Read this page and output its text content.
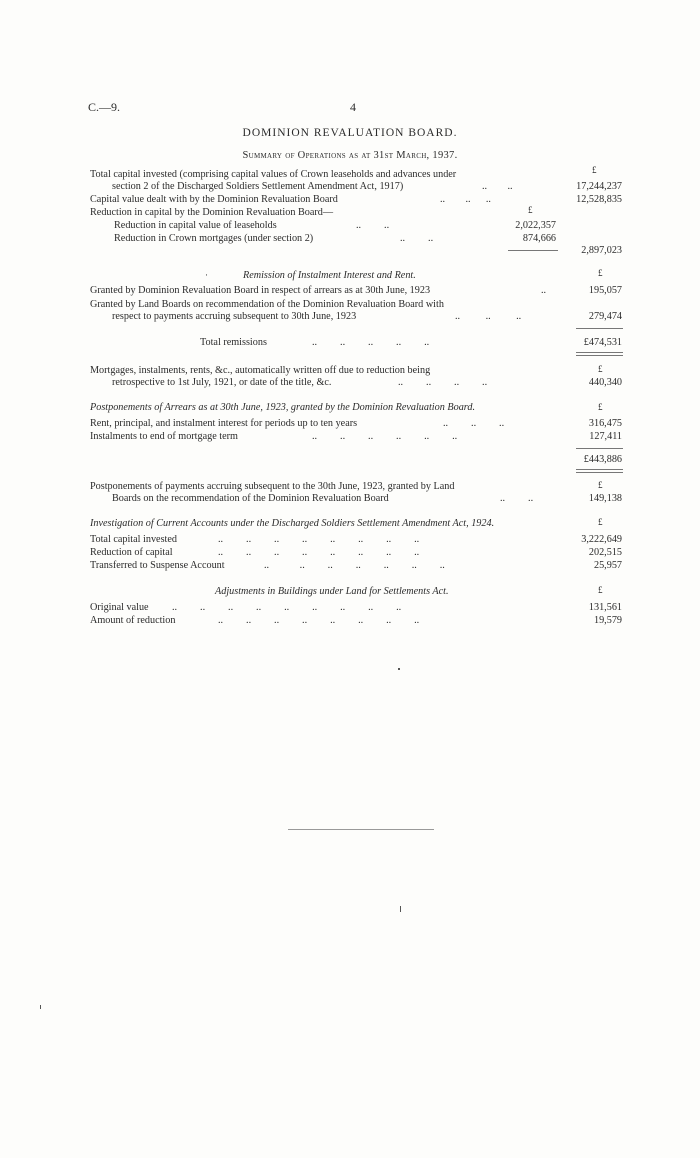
C.—9.	4
DOMINION REVALUATION BOARD.
Summary of Operations as at 31st March, 1937.
£
Total capital invested (comprising capital values of Crown leaseholds and advances under
section 2 of the Discharged Soldiers Settlement Amendment Act, 1917)	..        ..	17,244,237
Capital value dealt with by the Dominion Revaluation Board	..        ..      ..	12,528,835
Reduction in capital by the Dominion Revaluation Board—	£
Reduction in capital value of leaseholds	..         ..	2,022,357
Reduction in Crown mortgages (under section 2)	..         ..	874,666
2,897,023
Remission of Instalment Interest and Rent.
·	£
Granted by Dominion Revaluation Board in respect of arrears as at 30th June, 1923	..	195,057
Granted by Land Boards on recommendation of the Dominion Revaluation Board with
respect to payments accruing subsequent to 30th June, 1923	..          ..          ..	279,474
Total remissions	..         ..         ..         ..         ..	£474,531
£
Mortgages, instalments, rents, &c., automatically written off due to reduction being
retrospective to 1st July, 1921, or date of the title, &c.	..         ..         ..         ..	440,340
Postponements of Arrears as at 30th June, 1923, granted by the Dominion Revaluation Board.	£
Rent, principal, and instalment interest for periods up to ten years	..         ..         ..	316,475
Instalments to end of mortgage term	..         ..         ..         ..         ..         ..	127,411
£443,886
£
Postponements of payments accruing subsequent to the 30th June, 1923, granted by Land
Boards on the recommendation of the Dominion Revaluation Board	..         ..	149,138
Investigation of Current Accounts under the Discharged Soldiers Settlement Amendment Act, 1924.	£
Total capital invested	..         ..         ..         ..         ..         ..         ..         ..	3,222,649
Reduction of capital	..         ..         ..         ..         ..         ..         ..         ..	202,515
Transferred to Suspense Account	..            ..         ..         ..         ..         ..         ..	25,957
Adjustments in Buildings under Land for Settlements Act.	£
Original value ..         ..         ..         ..         ..         ..         ..         ..         ..	131,561
Amount of reduction	..         ..         ..         ..         ..         ..         ..         ..	19,579
